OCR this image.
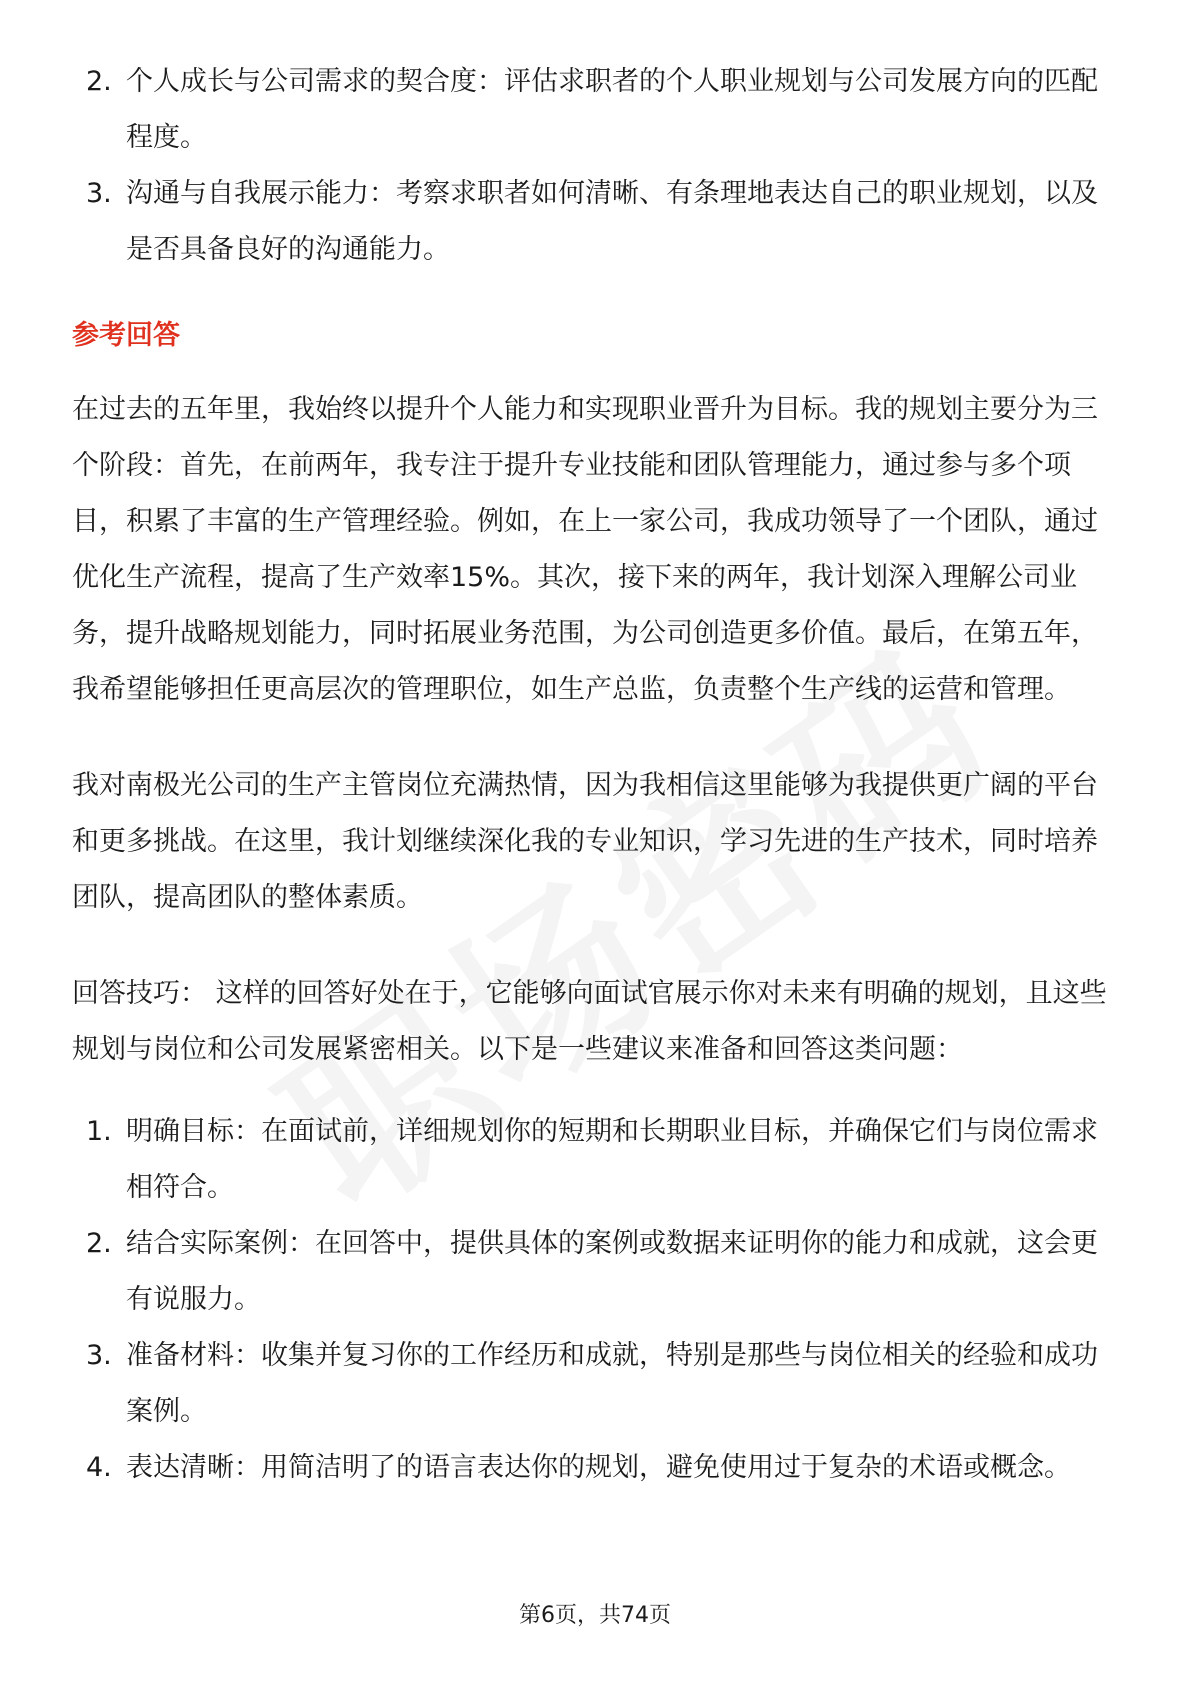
2. 个人成长与公司需求的契合度：评估求职者的个人职业规划与公司发展方向的匹配程度。
3. 沟通与自我展示能力：考察求职者如何清晰、有条理地表达自己的职业规划，以及是否具备良好的沟通能力。
参考回答

在过去的五年里，我始终以提升个人能力和实现职业晋升为目标。我的规划主要分为三个阶段：首先，在前两年，我专注于提升专业技能和团队管理能力，通过参与多个项目，积累了丰富的生产管理经验。例如，在上一家公司，我成功领导了一个团队，通过优化生产流程，提高了生产效率15%。其次，接下来的两年，我计划深入理解公司业务，提升战略规划能力，同时拓展业务范围，为公司创造更多价值。最后，在第五年，我希望能够担任更高层次的管理职位，如生产总监，负责整个生产线的运营和管理。

我对南极光公司的生产主管岗位充满热情，因为我相信这里能够为我提供更广阔的平台和更多挑战。在这里，我计划继续深化我的专业知识，学习先进的生产技术，同时培养团队，提高团队的整体素质。

回答技巧： 这样的回答好处在于，它能够向面试官展示你对未来有明确的规划，且这些规划与岗位和公司发展紧密相关。以下是一些建议来准备和回答这类问题：

1. 明确目标：在面试前，详细规划你的短期和长期职业目标，并确保它们与岗位需求相符合。
2. 结合实际案例：在回答中，提供具体的案例或数据来证明你的能力和成就，这会更有说服力。
3. 准备材料：收集并复习你的工作经历和成就，特别是那些与岗位相关的经验和成功案例。
4. 表达清晰：用简洁明了的语言表达你的规划，避免使用过于复杂的术语或概念。
第6页，共74页
